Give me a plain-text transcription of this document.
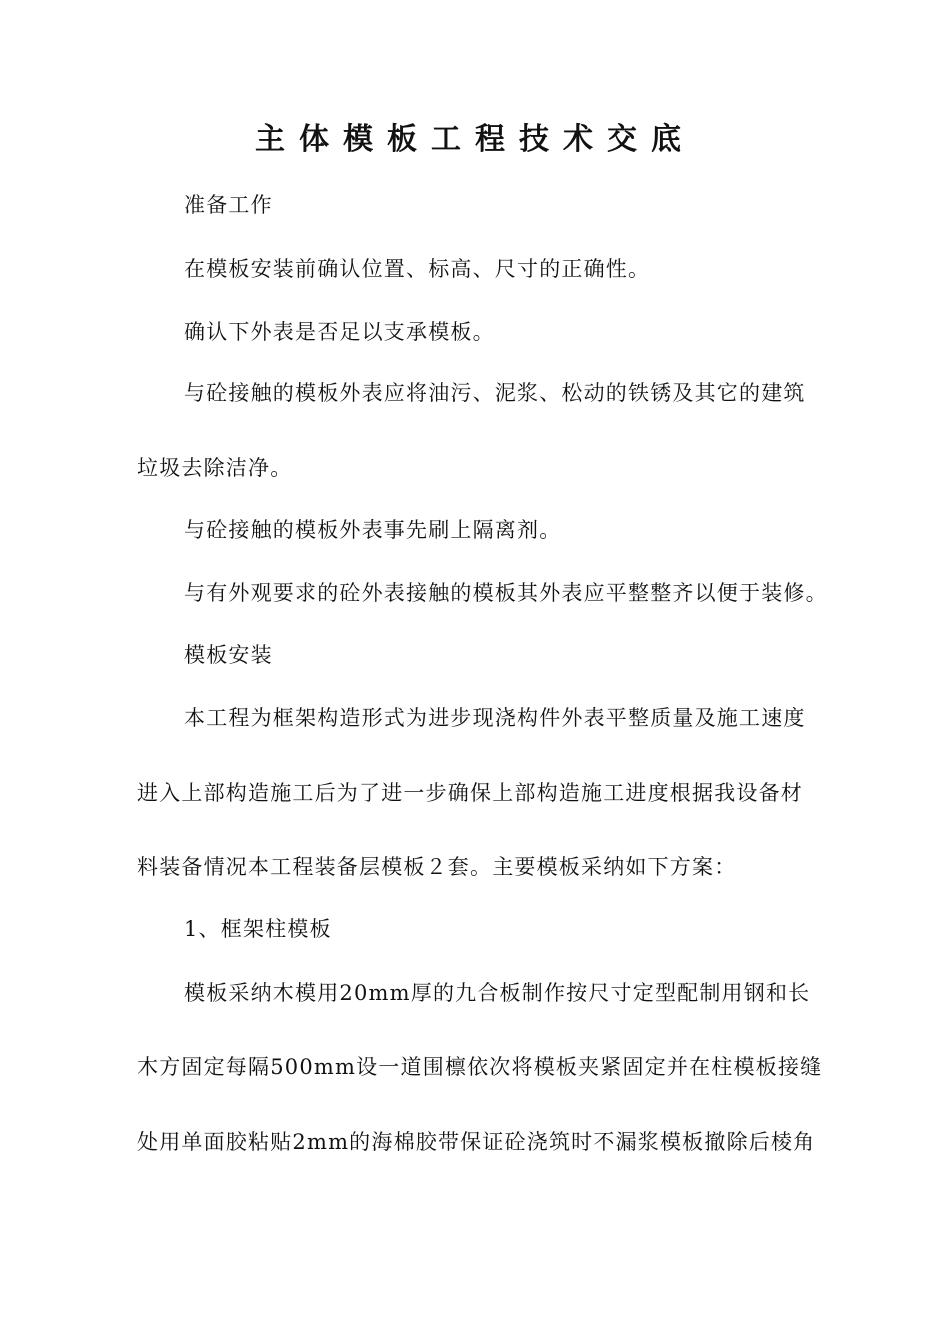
主体模板工程技术交底
准备工作
在模板安装前确认位置、标高、尺寸的正确性。
确认下外表是否足以支承模板。
与砼接触的模板外表应将油污、泥浆、松动的铁锈及其它的建筑
垃圾去除洁净。
与砼接触的模板外表事先刷上隔离剂。
与有外观要求的砼外表接触的模板其外表应平整整齐以便于装修。
模板安装
本工程为框架构造形式为进步现浇构件外表平整质量及施工速度
进入上部构造施工后为了进一步确保上部构造施工进度根据我设备材
料装备情况本工程装备层模板２套。主要模板采纳如下方案：
1、框架柱模板
模板采纳木模用20mm厚的九合板制作按尺寸定型配制用钢和长
木方固定每隔500mm设一道围檩依次将模板夹紧固定并在柱模板接缝
处用单面胶粘贴2mm的海棉胶带保证砼浇筑时不漏浆模板撤除后棱角
